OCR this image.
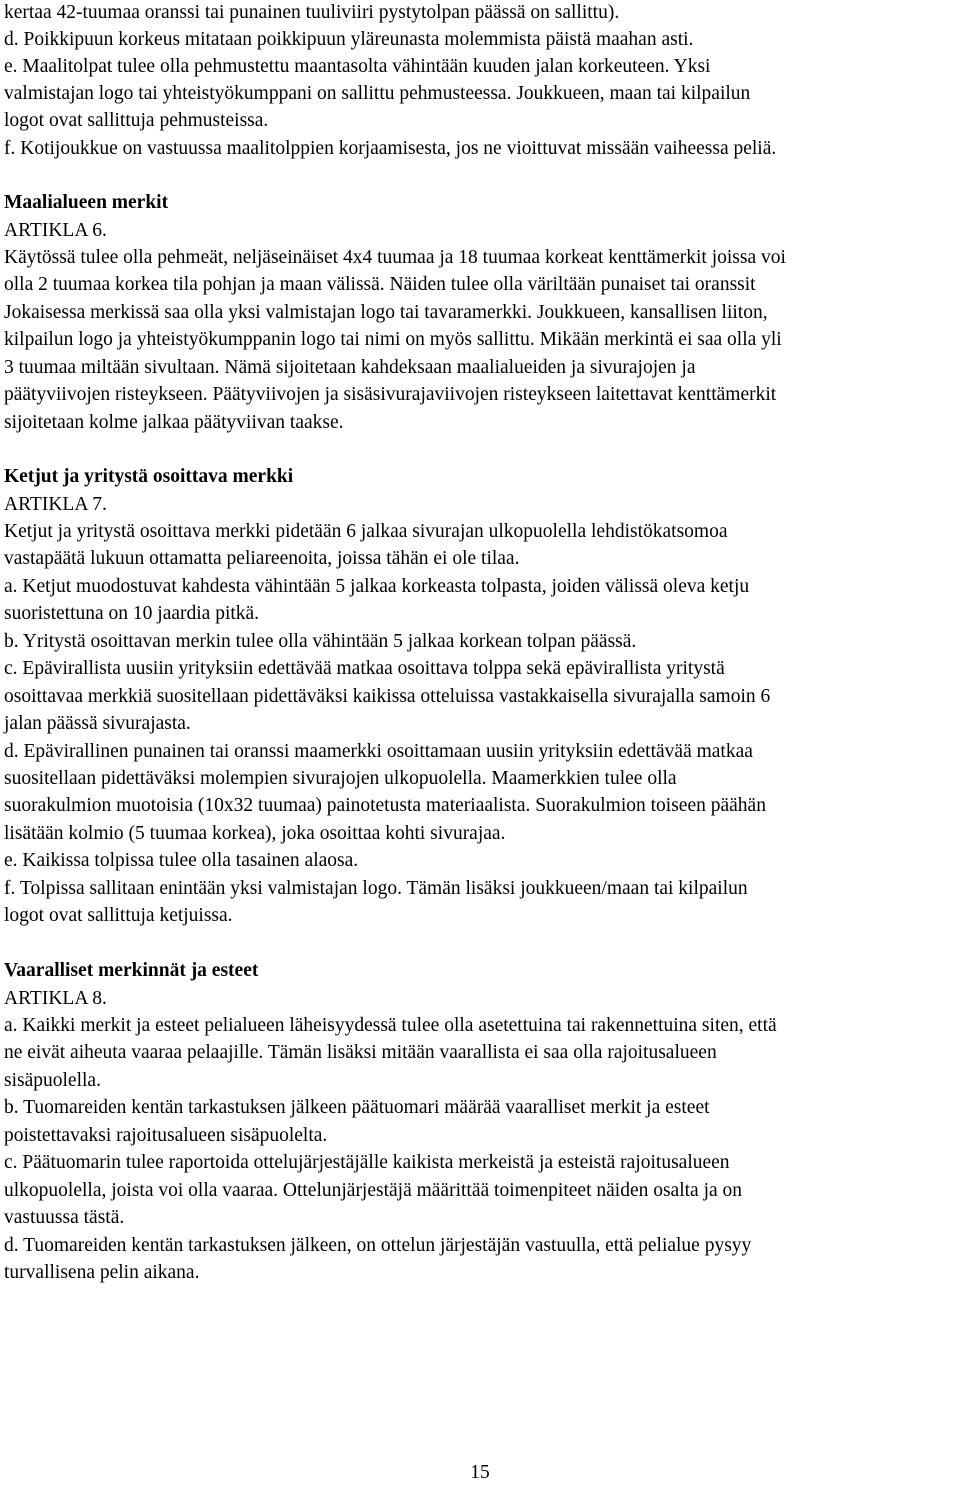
kertaa 42-tuumaa oranssi tai punainen tuuliviiri pystytolpan päässä on sallittu).

d. Poikkipuun korkeus mitataan poikkipuun yläreunasta molemmista päistä maahan asti.

e. Maalitolpat tulee olla pehmustettu maantasolta vähintään kuuden jalan korkeuteen. Yksi

valmistajan logo tai yhteistyökumppani on sallittu pehmusteessa. Joukkueen, maan tai kilpailun

logot ovat sallittuja pehmusteissa.

f. Kotijoukkue on vastuussa maalitolppien korjaamisesta, jos ne vioittuvat missään vaiheessa peliä.

Maalialueen merkit

ARTIKLA 6.

Käytössä tulee olla pehmeät, neljäseinäiset 4x4 tuumaa ja 18 tuumaa korkeat kenttämerkit joissa voi

olla 2 tuumaa korkea tila pohjan ja maan välissä. Näiden tulee olla väriltään punaiset tai oranssit

Jokaisessa merkissä saa olla yksi valmistajan logo tai tavaramerkki. Joukkueen, kansallisen liiton,

kilpailun logo ja yhteistyökumppanin logo tai nimi on myös sallittu. Mikään merkintä ei saa olla yli

3 tuumaa miltään sivultaan. Nämä sijoitetaan kahdeksaan maalialueiden ja sivurajojen ja

päätyviivojen risteykseen. Päätyviivojen ja sisäsivurajaviivojen risteykseen laitettavat kenttämerkit

sijoitetaan kolme jalkaa päätyviivan taakse.

Ketjut ja yritystä osoittava merkki

ARTIKLA 7.

Ketjut ja yritystä osoittava merkki pidetään 6 jalkaa sivurajan ulkopuolella lehdistökatsomoa

vastapäätä lukuun ottamatta peliareenoita, joissa tähän ei ole tilaa.

a. Ketjut muodostuvat kahdesta vähintään 5 jalkaa korkeasta tolpasta, joiden välissä oleva ketju

suoristettuna on 10 jaardia pitkä.

b. Yritystä osoittavan merkin tulee olla vähintään 5 jalkaa korkean tolpan päässä.

c. Epävirallista uusiin yrityksiin edettävää matkaa osoittava tolppa sekä epävirallista yritystä

osoittavaa merkkiä suositellaan pidettäväksi kaikissa otteluissa vastakkaisella sivurajalla samoin 6

jalan päässä sivurajasta.

d. Epävirallinen punainen tai oranssi maamerkki osoittamaan uusiin yrityksiin edettävää matkaa

suositellaan pidettäväksi molempien sivurajojen ulkopuolella. Maamerkkien tulee olla

suorakulmion muotoisia (10x32 tuumaa) painotetusta materiaalista. Suorakulmion toiseen päähän

lisätään kolmio (5 tuumaa korkea), joka osoittaa kohti sivurajaa.

e. Kaikissa tolpissa tulee olla tasainen alaosa.

f. Tolpissa sallitaan enintään yksi valmistajan logo. Tämän lisäksi joukkueen/maan tai kilpailun

logot ovat sallittuja ketjuissa.

Vaaralliset merkinnät ja esteet

ARTIKLA 8.

a. Kaikki merkit ja esteet pelialueen läheisyydessä tulee olla asetettuina tai rakennettuina siten, että

ne eivät aiheuta vaaraa pelaajille. Tämän lisäksi mitään vaarallista ei saa olla rajoitusalueen

sisäpuolella.

b. Tuomareiden kentän tarkastuksen jälkeen päätuomari määrää vaaralliset merkit ja esteet

poistettavaksi rajoitusalueen sisäpuolelta.

c. Päätuomarin tulee raportoida ottelujärjestäjälle kaikista merkeistä ja esteistä rajoitusalueen

ulkopuolella, joista voi olla vaaraa. Ottelunjärjestäjä määrittää toimenpiteet näiden osalta ja on

vastuussa tästä.

d. Tuomareiden kentän tarkastuksen jälkeen, on ottelun järjestäjän vastuulla, että pelialue pysyy

turvallisena pelin aikana.

15
